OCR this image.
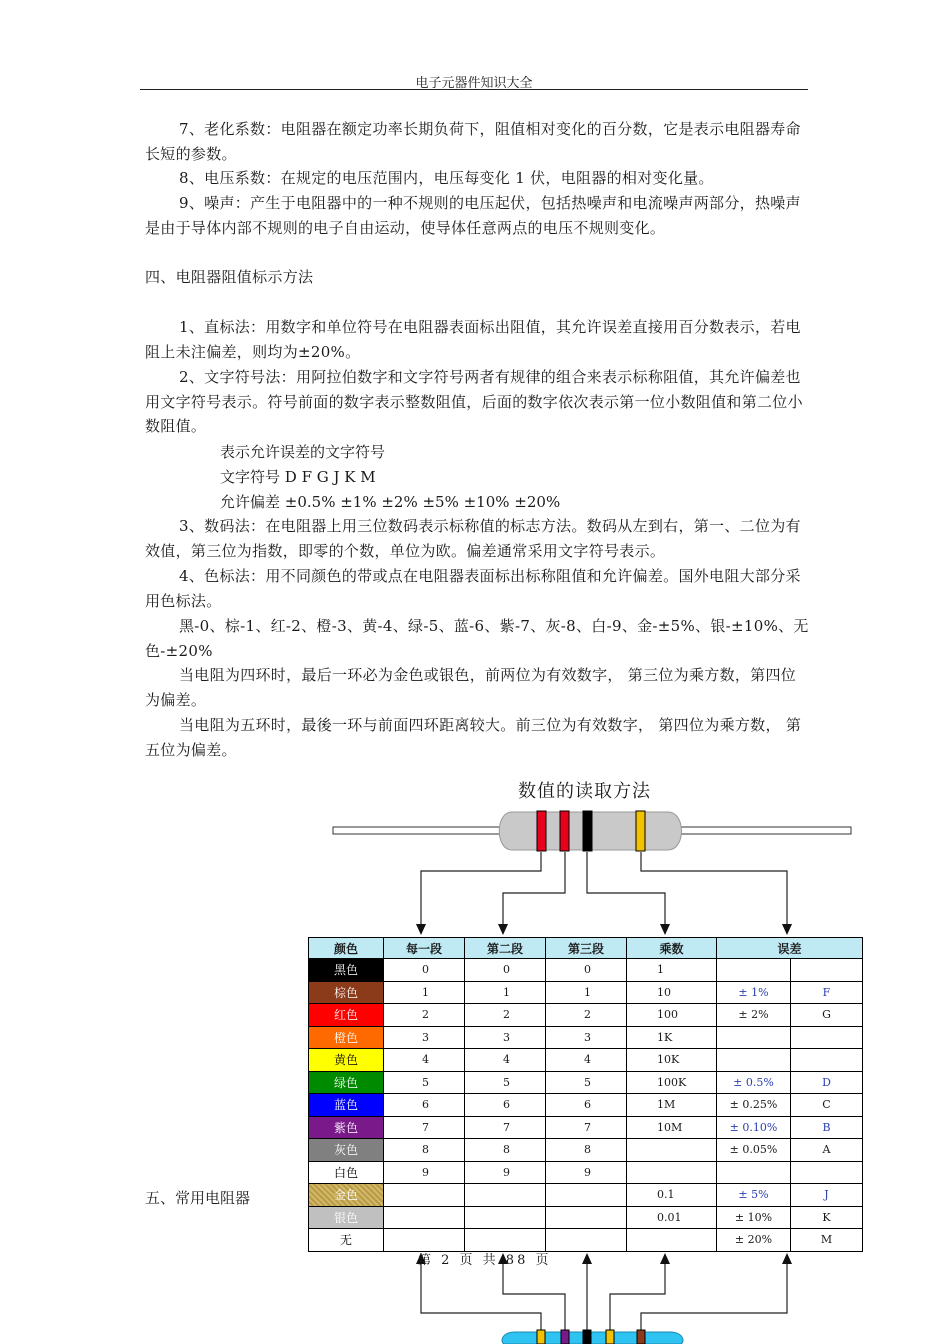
电子元器件知识大全

7、老化系数：电阻器在额定功率长期负荷下，阻值相对变化的百分数，它是表示电阻器寿命长短的参数。

8、电压系数：在规定的电压范围内，电压每变化 1 伏，电阻器的相对变化量。

9、噪声：产生于电阻器中的一种不规则的电压起伏，包括热噪声和电流噪声两部分，热噪声是由于导体内部不规则的电子自由运动，使导体任意两点的电压不规则变化。

四、电阻器阻值标示方法

1、直标法：用数字和单位符号在电阻器表面标出阻值，其允许误差直接用百分数表示，若电阻上未注偏差，则均为±20%。

2、文字符号法：用阿拉伯数字和文字符号两者有规律的组合来表示标称阻值，其允许偏差也用文字符号表示。符号前面的数字表示整数阻值，后面的数字依次表示第一位小数阻值和第二位小数阻值。

表示允许误差的文字符号

文字符号 D F G J K M

允许偏差 ±0.5% ±1% ±2% ±5% ±10% ±20%

3、数码法：在电阻器上用三位数码表示标称值的标志方法。数码从左到右，第一、二位为有效值，第三位为指数，即零的个数，单位为欧。偏差通常采用文字符号表示。

4、色标法：用不同颜色的带或点在电阻器表面标出标称阻值和允许偏差。国外电阻大部分采用色标法。

黑-0、棕-1、红-2、橙-3、黄-4、绿-5、蓝-6、紫-7、灰-8、白-9、金-±5%、银-±10%、无色-±20%

当电阻为四环时，最后一环必为金色或银色，前两位为有效数字， 第三位为乘方数，第四位为偏差。

当电阻为五环时，最後一环与前面四环距离较大。前三位为有效数字， 第四位为乘方数， 第五位为偏差。

数值的读取方法
颜色	每一段	第二段	第三段	乘数	误差	
黑色	0	0	0	1		
棕色	1	1	1	10	± 1%	F
红色	2	2	2	100	± 2%	G
橙色	3	3	3	1K		
黄色	4	4	4	10K		
绿色	5	5	5	100K	± 0.5%	D
蓝色	6	6	6	1M	± 0.25%	C
紫色	7	7	7	10M	± 0.10%	B
灰色	8	8	8		± 0.05%	A
白色	9	9	9			
金色				0.1	± 5%	J
银色				0.01	± 10%	K
无					± 20%	M
五、常用电阻器
第 2 页 共 88 页
